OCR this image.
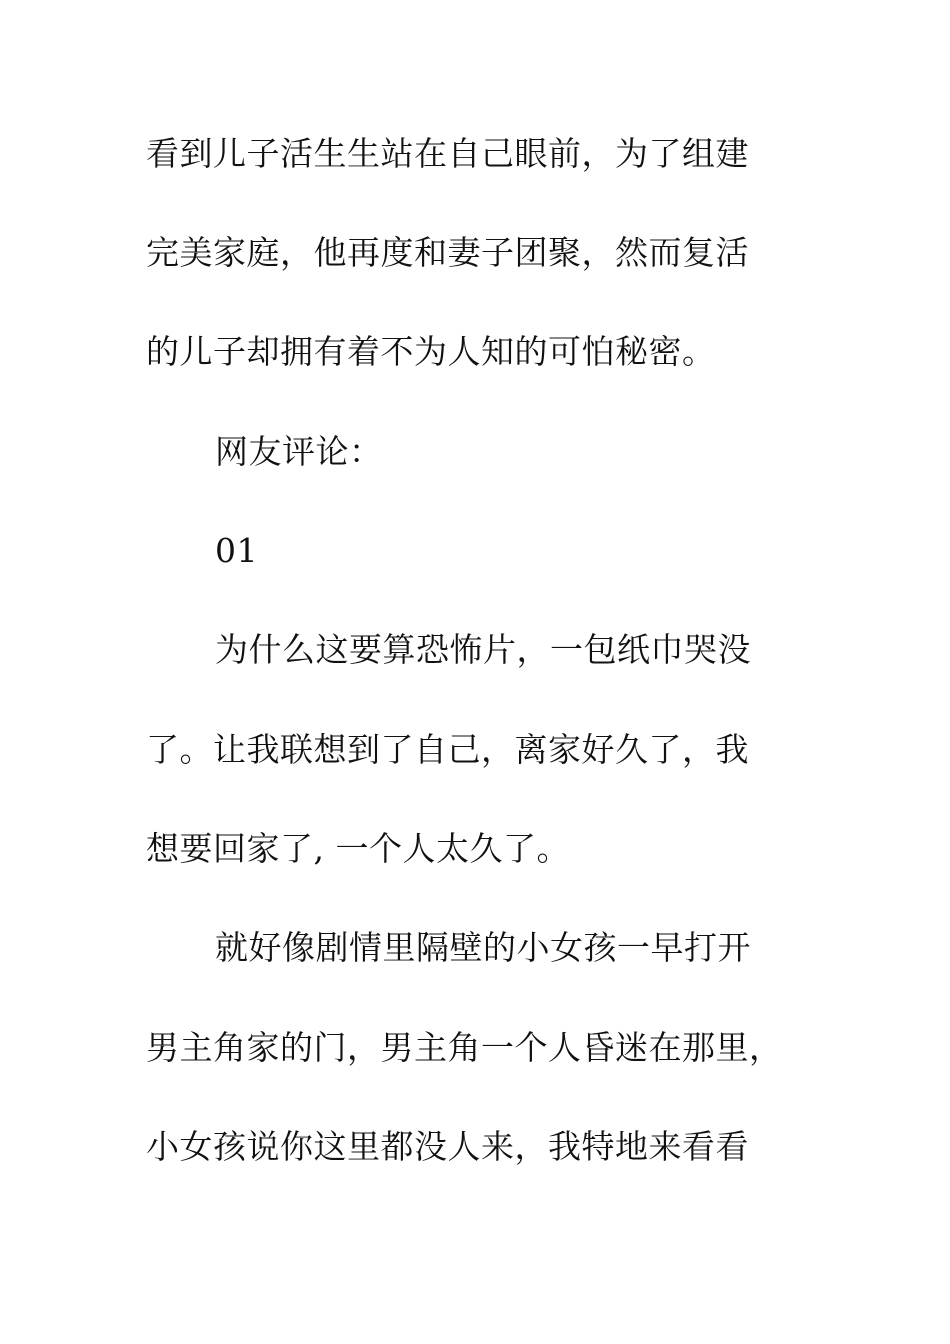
看到儿子活生生站在自己眼前，为了组建
完美家庭，他再度和妻子团聚，然而复活
的儿子却拥有着不为人知的可怕秘密。
网友评论：
01
为什么这要算恐怖片，一包纸巾哭没
了。让我联想到了自己，离家好久了，我
想要回家了, 一个人太久了。
就好像剧情里隔壁的小女孩一早打开
男主角家的门，男主角一个人昏迷在那里，
小女孩说你这里都没人来，我特地来看看
